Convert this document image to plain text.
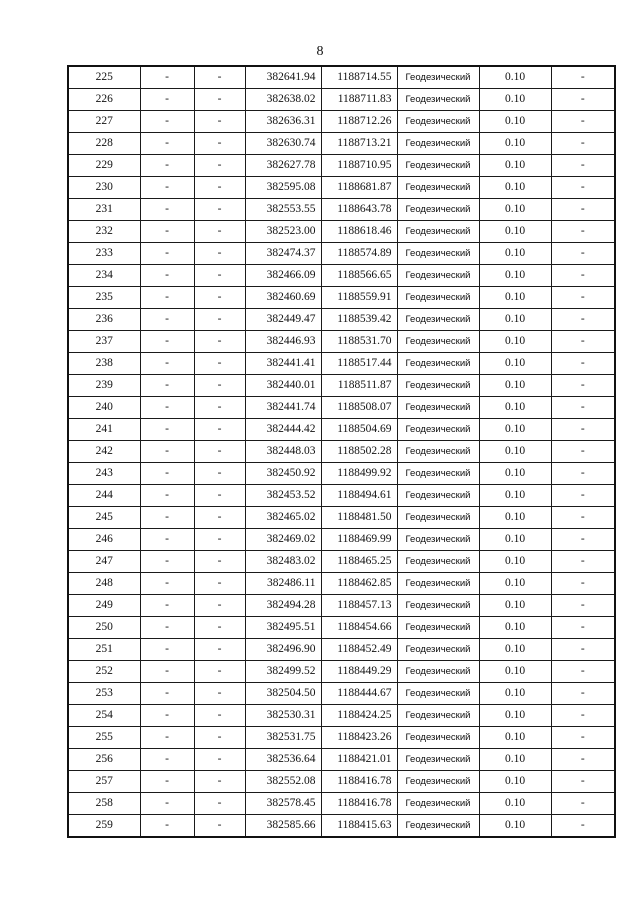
8
225	-	-	382641.94	1188714.55	Геодезический	0.10	-
226	-	-	382638.02	1188711.83	Геодезический	0.10	-
227	-	-	382636.31	1188712.26	Геодезический	0.10	-
228	-	-	382630.74	1188713.21	Геодезический	0.10	-
229	-	-	382627.78	1188710.95	Геодезический	0.10	-
230	-	-	382595.08	1188681.87	Геодезический	0.10	-
231	-	-	382553.55	1188643.78	Геодезический	0.10	-
232	-	-	382523.00	1188618.46	Геодезический	0.10	-
233	-	-	382474.37	1188574.89	Геодезический	0.10	-
234	-	-	382466.09	1188566.65	Геодезический	0.10	-
235	-	-	382460.69	1188559.91	Геодезический	0.10	-
236	-	-	382449.47	1188539.42	Геодезический	0.10	-
237	-	-	382446.93	1188531.70	Геодезический	0.10	-
238	-	-	382441.41	1188517.44	Геодезический	0.10	-
239	-	-	382440.01	1188511.87	Геодезический	0.10	-
240	-	-	382441.74	1188508.07	Геодезический	0.10	-
241	-	-	382444.42	1188504.69	Геодезический	0.10	-
242	-	-	382448.03	1188502.28	Геодезический	0.10	-
243	-	-	382450.92	1188499.92	Геодезический	0.10	-
244	-	-	382453.52	1188494.61	Геодезический	0.10	-
245	-	-	382465.02	1188481.50	Геодезический	0.10	-
246	-	-	382469.02	1188469.99	Геодезический	0.10	-
247	-	-	382483.02	1188465.25	Геодезический	0.10	-
248	-	-	382486.11	1188462.85	Геодезический	0.10	-
249	-	-	382494.28	1188457.13	Геодезический	0.10	-
250	-	-	382495.51	1188454.66	Геодезический	0.10	-
251	-	-	382496.90	1188452.49	Геодезический	0.10	-
252	-	-	382499.52	1188449.29	Геодезический	0.10	-
253	-	-	382504.50	1188444.67	Геодезический	0.10	-
254	-	-	382530.31	1188424.25	Геодезический	0.10	-
255	-	-	382531.75	1188423.26	Геодезический	0.10	-
256	-	-	382536.64	1188421.01	Геодезический	0.10	-
257	-	-	382552.08	1188416.78	Геодезический	0.10	-
258	-	-	382578.45	1188416.78	Геодезический	0.10	-
259	-	-	382585.66	1188415.63	Геодезический	0.10	-
